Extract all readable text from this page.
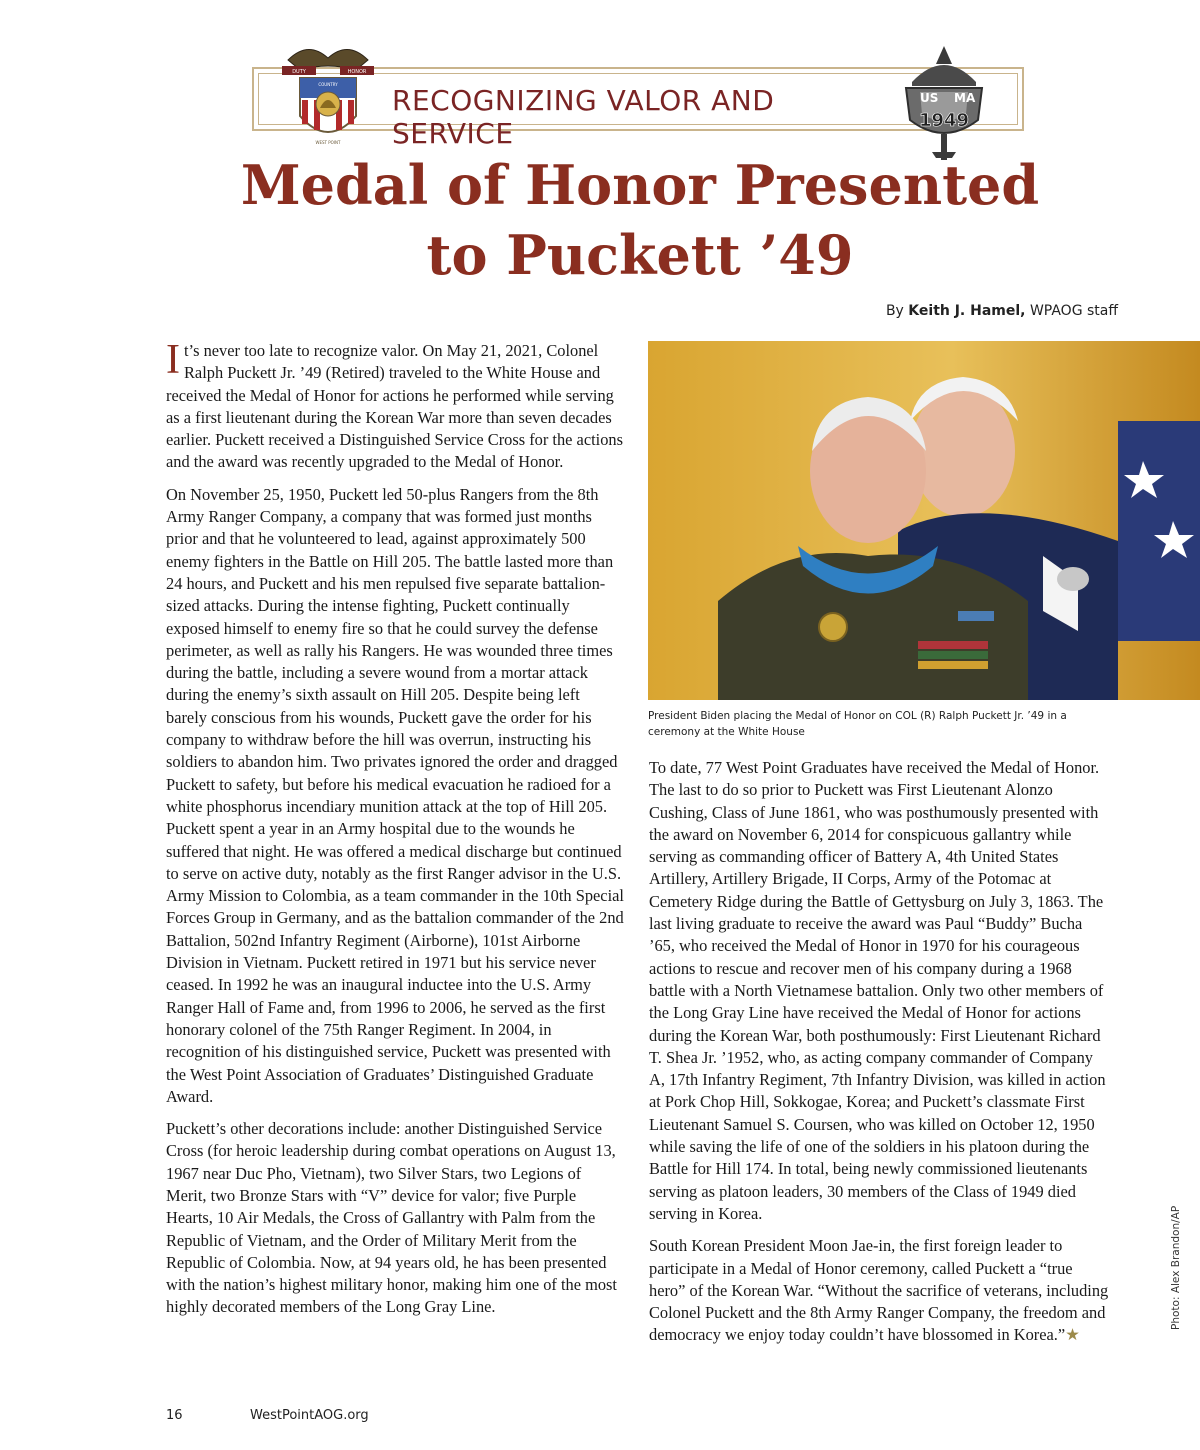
DUTY	HONOR
COUNTRY
WEST POINT
RECOGNIZING VALOR AND SERVICE
US MA
1949
Medal of Honor Presented
to Puckett ’49
By Keith J. Hamel, WPAOG staff

It’s never too late to recognize valor. On May 21, 2021, Colonel Ralph Puckett Jr. ’49 (Retired) traveled to the White House and received the Medal of Honor for actions he performed while serving as a first lieutenant during the Korean War more than seven decades earlier. Puckett received a Distinguished Service Cross for the actions and the award was recently upgraded to the Medal of Honor.

On November 25, 1950, Puckett led 50-plus Rangers from the 8th Army Ranger Company, a company that was formed just months prior and that he volunteered to lead, against approximately 500 enemy fighters in the Battle on Hill 205. The battle lasted more than 24 hours, and Puckett and his men repulsed five separate battalion-sized attacks. During the intense fighting, Puckett continually exposed himself to enemy fire so that he could survey the defense perimeter, as well as rally his Rangers. He was wounded three times during the battle, including a severe wound from a mortar attack during the enemy’s sixth assault on Hill 205. Despite being left barely conscious from his wounds, Puckett gave the order for his company to withdraw before the hill was overrun, instructing his soldiers to abandon him. Two privates ignored the order and dragged Puckett to safety, but before his medical evacuation he radioed for a white phosphorus incendiary munition attack at the top of Hill 205. Puckett spent a year in an Army hospital due to the wounds he suffered that night. He was offered a medical discharge but continued to serve on active duty, notably as the first Ranger advisor in the U.S. Army Mission to Colombia, as a team commander in the 10th Special Forces Group in Germany, and as the battalion commander of the 2nd Battalion, 502nd Infantry Regiment (Airborne), 101st Airborne Division in Vietnam. Puckett retired in 1971 but his service never ceased. In 1992 he was an inaugural inductee into the U.S. Army Ranger Hall of Fame and, from 1996 to 2006, he served as the first honorary colonel of the 75th Ranger Regiment. In 2004, in recognition of his distinguished service, Puckett was presented with the West Point Association of Graduates’ Distinguished Graduate Award.

Puckett’s other decorations include: another Distinguished Service Cross (for heroic leadership during combat operations on August 13, 1967 near Duc Pho, Vietnam), two Silver Stars, two Legions of Merit, two Bronze Stars with “V” device for valor; five Purple Hearts, 10 Air Medals, the Cross of Gallantry with Palm from the Republic of Vietnam, and the Order of Military Merit from the Republic of Colombia. Now, at 94 years old, he has been presented with the nation’s highest military honor, making him one of the most highly decorated members of the Long Gray Line.

President Biden placing the Medal of Honor on COL (R) Ralph Puckett Jr. ’49 in a ceremony at the White House

To date, 77 West Point Graduates have received the Medal of Honor. The last to do so prior to Puckett was First Lieutenant Alonzo Cushing, Class of June 1861, who was posthumously presented with the award on November 6, 2014 for conspicuous gallantry while serving as commanding officer of Battery A, 4th United States Artillery, Artillery Brigade, II Corps, Army of the Potomac at Cemetery Ridge during the Battle of Gettysburg on July 3, 1863. The last living graduate to receive the award was Paul “Buddy” Bucha ’65, who received the Medal of Honor in 1970 for his courageous actions to rescue and recover men of his company during a 1968 battle with a North Vietnamese battalion. Only two other members of the Long Gray Line have received the Medal of Honor for actions during the Korean War, both posthumously: First Lieutenant Richard T. Shea Jr. ’1952, who, as acting company commander of Company A, 17th Infantry Regiment, 7th Infantry Division, was killed in action at Pork Chop Hill, Sokkogae, Korea; and Puckett’s classmate First Lieutenant Samuel S. Coursen, who was killed on October 12, 1950 while saving the life of one of the soldiers in his platoon during the Battle for Hill 174. In total, being newly commissioned lieutenants serving as platoon leaders, 30 members of the Class of 1949 died serving in Korea.

South Korean President Moon Jae-in, the first foreign leader to participate in a Medal of Honor ceremony, called Puckett a “true hero” of the Korean War. “Without the sacrifice of veterans, including Colonel Puckett and the 8th Army Ranger Company, the freedom and democracy we enjoy today couldn’t have blossomed in Korea.”★

Photo: Alex Brandon/AP
16	WestPointAOG.org
